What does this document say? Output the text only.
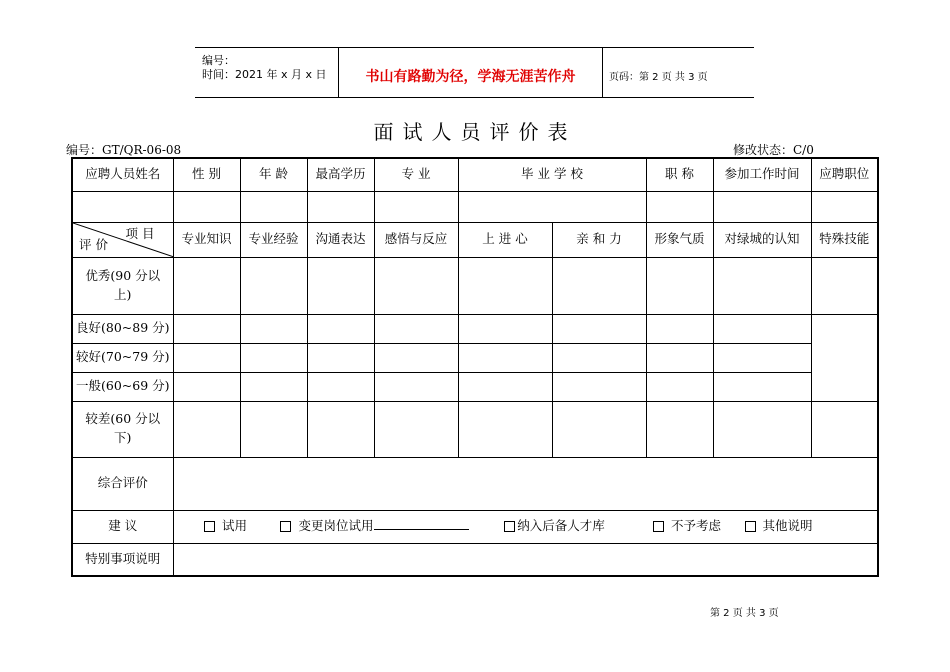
编号：
时间：2021 年 x 月 x 日	书山有路勤为径，学海无涯苦作舟	页码：第 2 页 共 3 页
面试人员评价表
编号：GT/QR-06-08	修改状态：C/0
应聘人员姓名	性 别	年 龄	最高学历	专 业	毕 业 学 校		职 称	参加工作时间	应聘职位

项 目
评 价	专业知识	专业经验	沟通表达	感悟与反应	上 进 心	亲 和 力	形象气质	对绿城的认知	特殊技能

优秀(90 分以
上)									

良好(80~89 分)									
较好(70~79 分)									
一般(60~69 分)									

较差(60 分以
下)									

综合评价									
建 议	试用 变更岗位试用 纳入后备人才库 不予考虑 其他说明								

特别事项说明									
第 2 页 共 3 页
